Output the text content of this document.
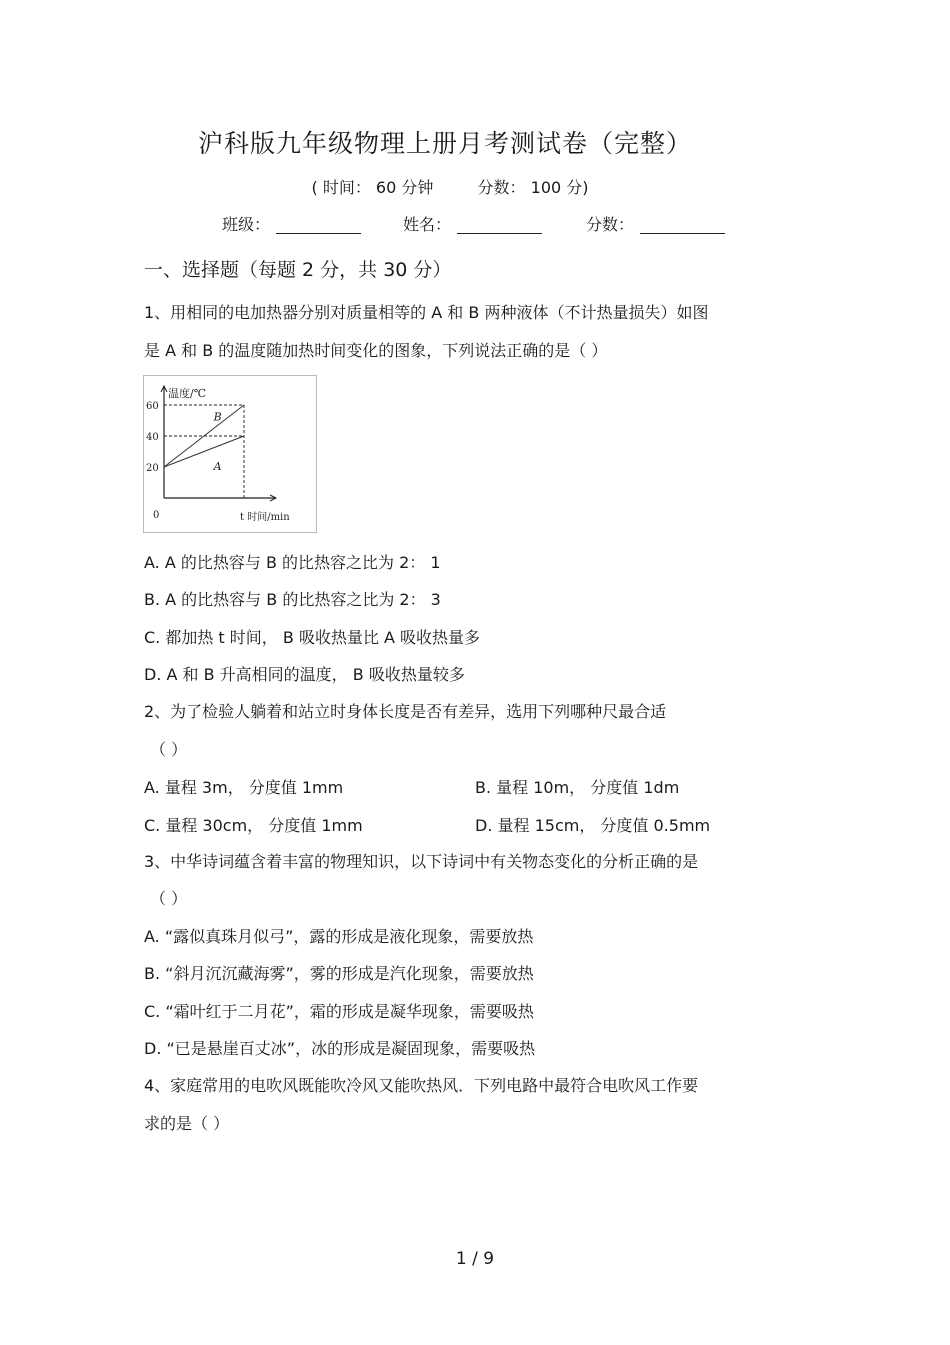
沪科版九年级物理上册月考测试卷（完整）
( 时间： 60 分钟	分数： 100 分)
班级：	姓名：	分数：
一、选择题（每题 2 分，共 30 分）
1、用相同的电加热器分别对质量相等的 A 和 B 两种液体（不计热量损失）如图
是 A 和 B 的温度随加热时间变化的图象，下列说法正确的是（ ）
20
40
60
B
A
温度/℃
t 时间/min
0
A. A 的比热容与 B 的比热容之比为 2： 1
B. A 的比热容与 B 的比热容之比为 2： 3
C. 都加热 t 时间， B 吸收热量比 A 吸收热量多
D. A 和 B 升高相同的温度， B 吸收热量较多
2、为了检验人躺着和站立时身体长度是否有差异，选用下列哪种尺最合适
（ ）
A. 量程 3m， 分度值 1mm	B. 量程 10m， 分度值 1dm
C. 量程 30cm， 分度值 1mm	D. 量程 15cm， 分度值 0.5mm
3、中华诗词蕴含着丰富的物理知识，以下诗词中有关物态变化的分析正确的是
（ ）
A. “露似真珠月似弓”，露的形成是液化现象，需要放热
B. “斜月沉沉藏海雾”，雾的形成是汽化现象，需要放热
C. “霜叶红于二月花”，霜的形成是凝华现象，需要吸热
D. “已是悬崖百丈冰”，冰的形成是凝固现象，需要吸热
4、家庭常用的电吹风既能吹冷风又能吹热风．下列电路中最符合电吹风工作要
求的是（ ）
1 / 9
